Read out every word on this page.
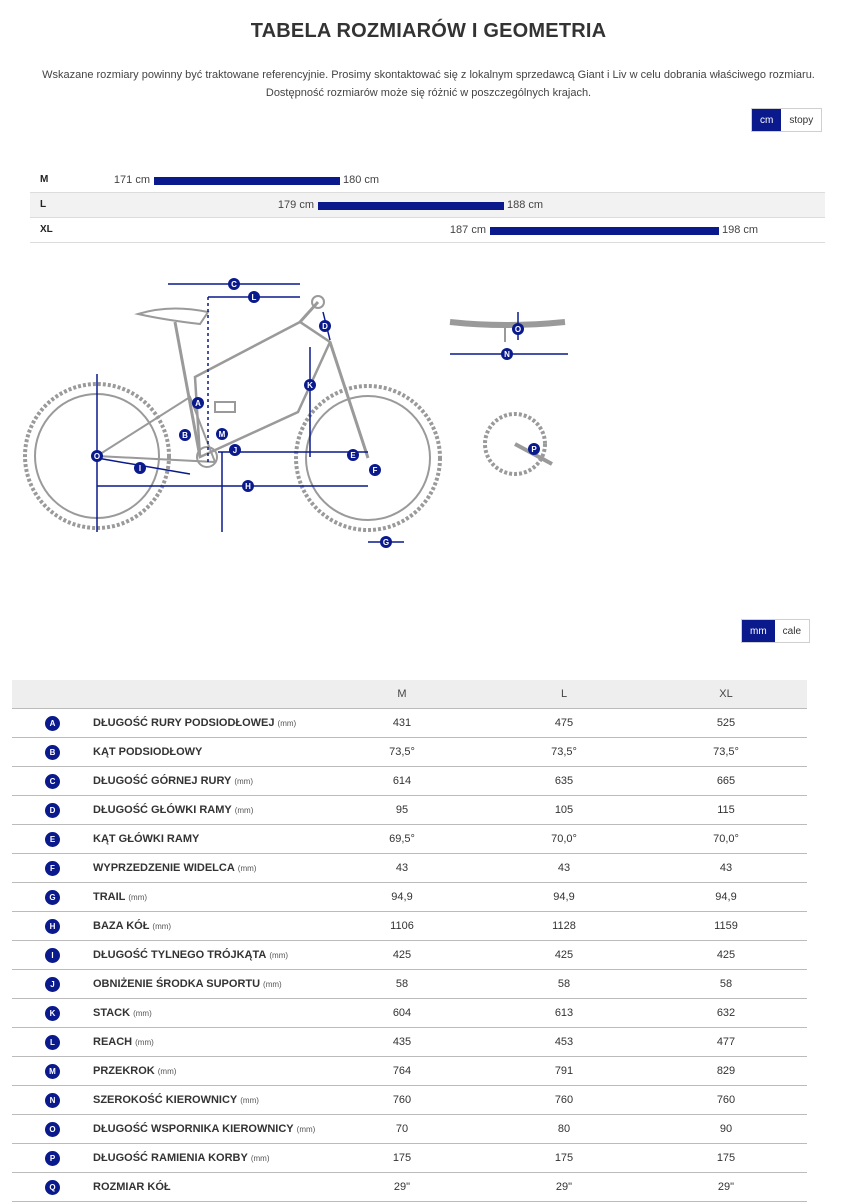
TABELA ROZMIARÓW I GEOMETRIA
Wskazane rozmiary powinny być traktowane referencyjnie. Prosimy skontaktować się z lokalnym sprzedawcą Giant i Liv w celu dobrania właściwego rozmiaru.
Dostępność rozmiarów może się różnić w poszczególnych krajach.
cm	stopy
M	171 cm	180 cm
L	179 cm	188 cm
XL	187 cm	198 cm
C
L
D
K
A
B	M
J
O
I
H
E
F
G
O
N
P
mm	cale
		M	L	XL
A	DŁUGOŚĆ RURY PODSIODŁOWEJ (mm)	431	475	525
B	KĄT PODSIODŁOWY	73,5°	73,5°	73,5°
C	DŁUGOŚĆ GÓRNEJ RURY (mm)	614	635	665
D	DŁUGOŚĆ GŁÓWKI RAMY (mm)	95	105	115
E	KĄT GŁÓWKI RAMY	69,5°	70,0°	70,0°
F	WYPRZEDZENIE WIDELCA (mm)	43	43	43
G	TRAIL (mm)	94,9	94,9	94,9
H	BAZA KÓŁ (mm)	1106	1128	1159
I	DŁUGOŚĆ TYLNEGO TRÓJKĄTA (mm)	425	425	425
J	OBNIŻENIE ŚRODKA SUPORTU (mm)	58	58	58
K	STACK (mm)	604	613	632
L	REACH (mm)	435	453	477
M	PRZEKROK (mm)	764	791	829
N	SZEROKOŚĆ KIEROWNICY (mm)	760	760	760
O	DŁUGOŚĆ WSPORNIKA KIEROWNICY (mm)	70	80	90
P	DŁUGOŚĆ RAMIENIA KORBY (mm)	175	175	175
Q	ROZMIAR KÓŁ	29"	29"	29"
